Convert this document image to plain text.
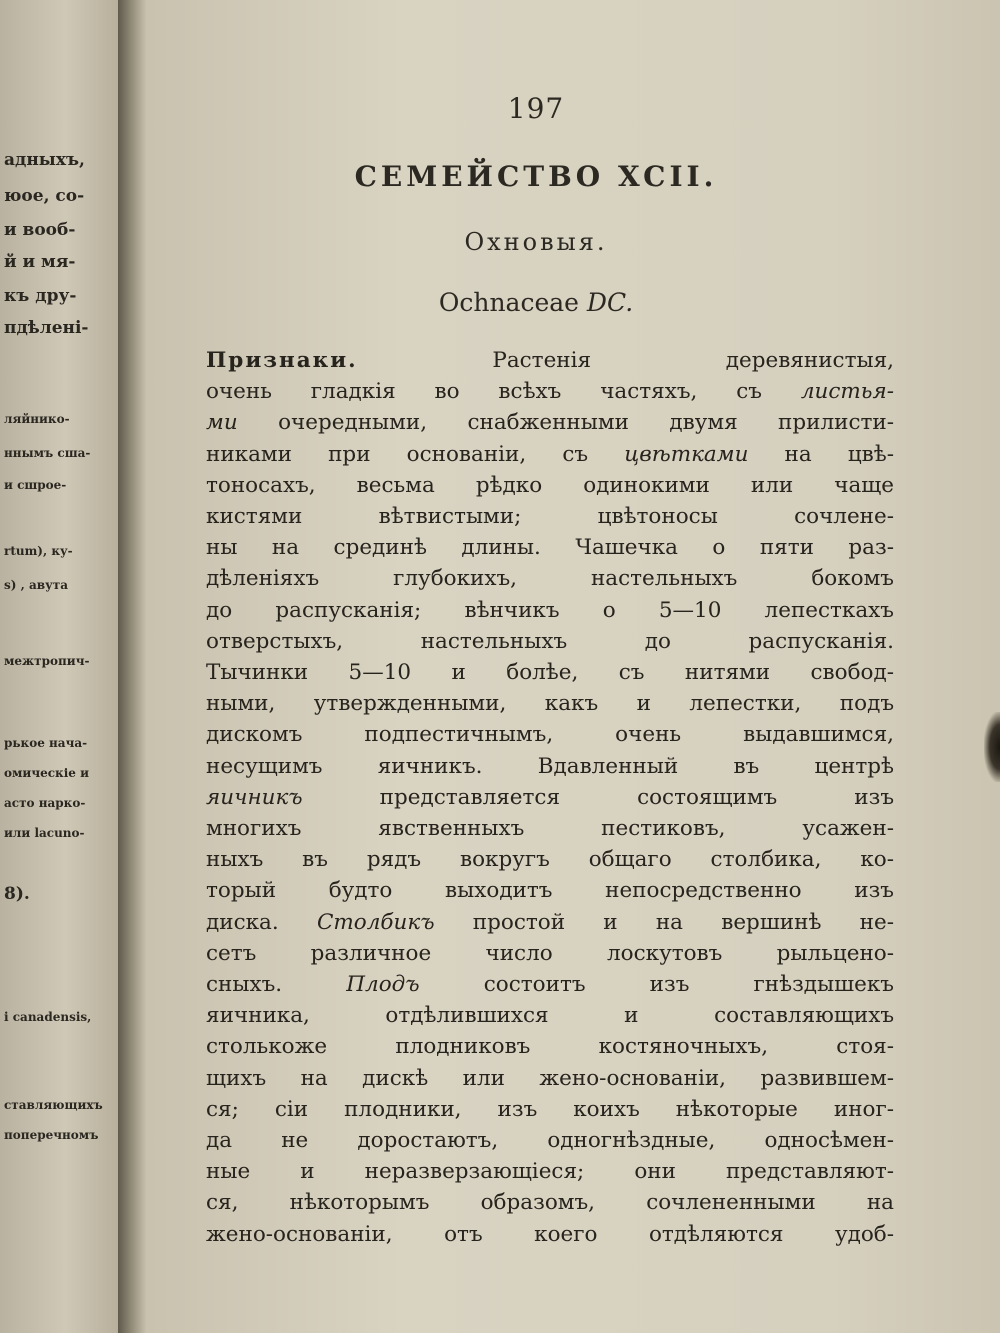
адныхъ,
юое, со-
и вооб-
й и мя-
къ дру-
пдѣлені-
ляйнико-
ннымъ сша-
и сшрое-
rtum), ку-
s) , авута
межтропич-
рькое нача-
омическіе и
астo нарко-
или lacuno-
8).
i canadensis,
ставляющихъ
поперечномъ
197
СЕМЕЙСТВО XCII.
Охновыя.
Ochnaceae DC.
Признаки. Растенія деревянистыя,
очень гладкія во всѣхъ частяхъ, съ листья-
ми очередными, снабженными двумя прилисти-
никами при основаніи, съ цвѣтками на цвѣ-
тоносахъ, весьма рѣдко одинокими или чаще
кистями вѣтвистыми; цвѣтоносы сочлене-
ны на срединѣ длины. Чашечка о пяти раз-
дѣленіяхъ глубокихъ, настельныхъ бокомъ
до распусканія; вѣнчикъ о 5—10 лепесткахъ
отверстыхъ, настельныхъ до распусканія.
Тычинки 5—10 и болѣе, съ нитями свобод-
ными, утвержденными, какъ и лепестки, подъ
дискомъ подпестичнымъ, очень выдавшимся,
несущимъ яичникъ. Вдавленный въ центрѣ
яичникъ представляется состоящимъ изъ
многихъ явственныхъ пестиковъ, усажен-
ныхъ въ рядъ вокругъ общаго столбика, ко-
торый будто выходитъ непосредственно изъ
диска. Столбикъ простой и на вершинѣ не-
сетъ различное число лоскутовъ рыльцено-
сныхъ. Плодъ состоитъ изъ гнѣздышекъ
яичника, отдѣлившихся и составляющихъ
столькоже плодниковъ костяночныхъ, стоя-
щихъ на дискѣ или жено-основаніи, развившем-
ся; сіи плодники, изъ коихъ нѣкоторые иног-
да не доростаютъ, одногнѣздные, односѣмен-
ные и неразверзающіеся; они представляют-
ся, нѣкоторымъ образомъ, сочлененными на
жено-основаніи, отъ коего отдѣляются удоб-
